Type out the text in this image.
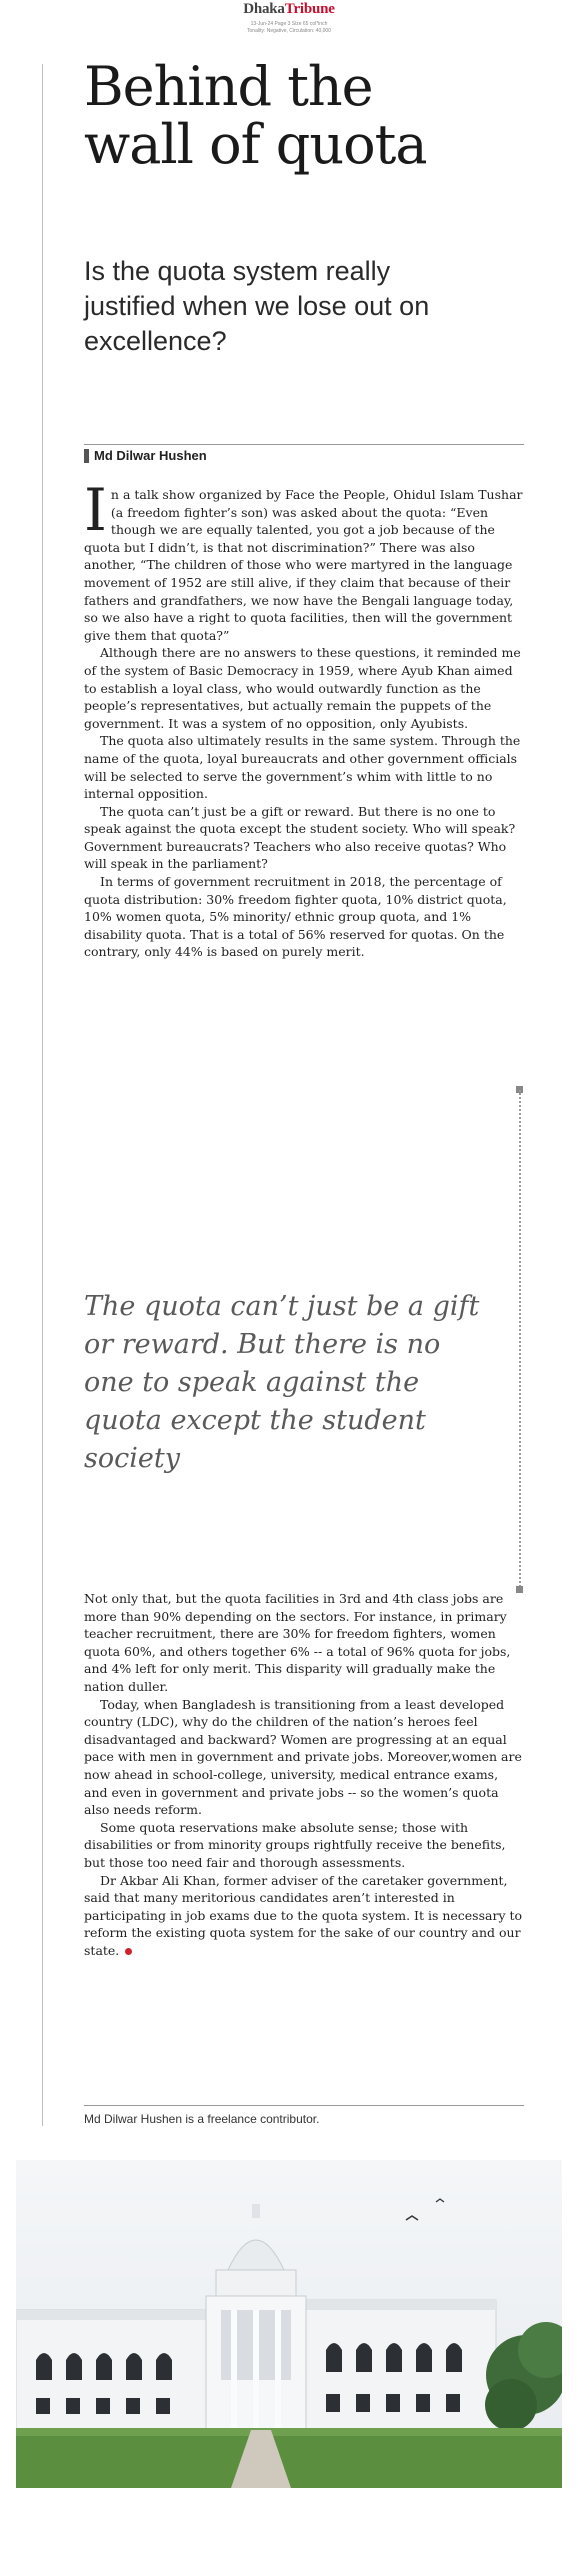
DhakaTribune
13-Jun-24 Page 3 Size 65 col*inch
Tonality: Negative, Circulation: 40,000
Behind the
wall of quota

Is the quota system really justified when we lose out on excellence?

Md Dilwar Hushen

In a talk show organized by Face the People, Ohidul Islam Tushar (a freedom fighter’s son) was asked about the quota: “Even though we are equally talented, you got a job because of the quota but I didn’t, is that not discrimination?” There was also another, “The children of those who were martyred in the language movement of 1952 are still alive, if they claim that because of their fathers and grandfathers, we now have the Bengali language today, so we also have a right to quota facilities, then will the government give them that quota?”

Although there are no answers to these questions, it reminded me of the system of Basic Democracy in 1959, where Ayub Khan aimed to establish a loyal class, who would outwardly function as the people’s representatives, but actually remain the puppets of the government. It was a system of no opposition, only Ayubists.

The quota also ultimately results in the same system. Through the name of the quota, loyal bureaucrats and other government officials will be selected to serve the government’s whim with little to no internal opposition.

The quota can’t just be a gift or reward. But there is no one to speak against the quota except the student society. Who will speak? Government bureaucrats? Teachers who also receive quotas? Who will speak in the parliament?

In terms of government recruitment in 2018, the percentage of quota distribution: 30% freedom fighter quota, 10% district quota, 10% women quota, 5% minority/ ethnic group quota, and 1% disability quota. That is a total of 56% reserved for quotas. On the contrary, only 44% is based on purely merit.

The quota can’t just be a gift or reward. But there is no one to speak against the quota except the student society

Not only that, but the quota facilities in 3rd and 4th class jobs are more than 90% depending on the sectors. For instance, in primary teacher recruitment, there are 30% for freedom fighters, women quota 60%, and others together 6% -- a total of 96% quota for jobs, and 4% left for only merit. This disparity will gradually make the nation duller.

Today, when Bangladesh is transitioning from a least developed country (LDC), why do the children of the nation’s heroes feel disadvantaged and backward? Women are progressing at an equal pace with men in government and private jobs. Moreover,women are now ahead in school-college, university, medical entrance exams, and even in government and private jobs -- so the women’s quota also needs reform.

Some quota reservations make absolute sense; those with disabilities or from minority groups rightfully receive the benefits, but those too need fair and thorough assessments.

Dr Akbar Ali Khan, former adviser of the caretaker government, said that many meritorious candidates aren’t interested in participating in job exams due to the quota system. It is necessary to reform the existing quota system for the sake of our country and our state.

Md Dilwar Hushen is a freelance contributor.
